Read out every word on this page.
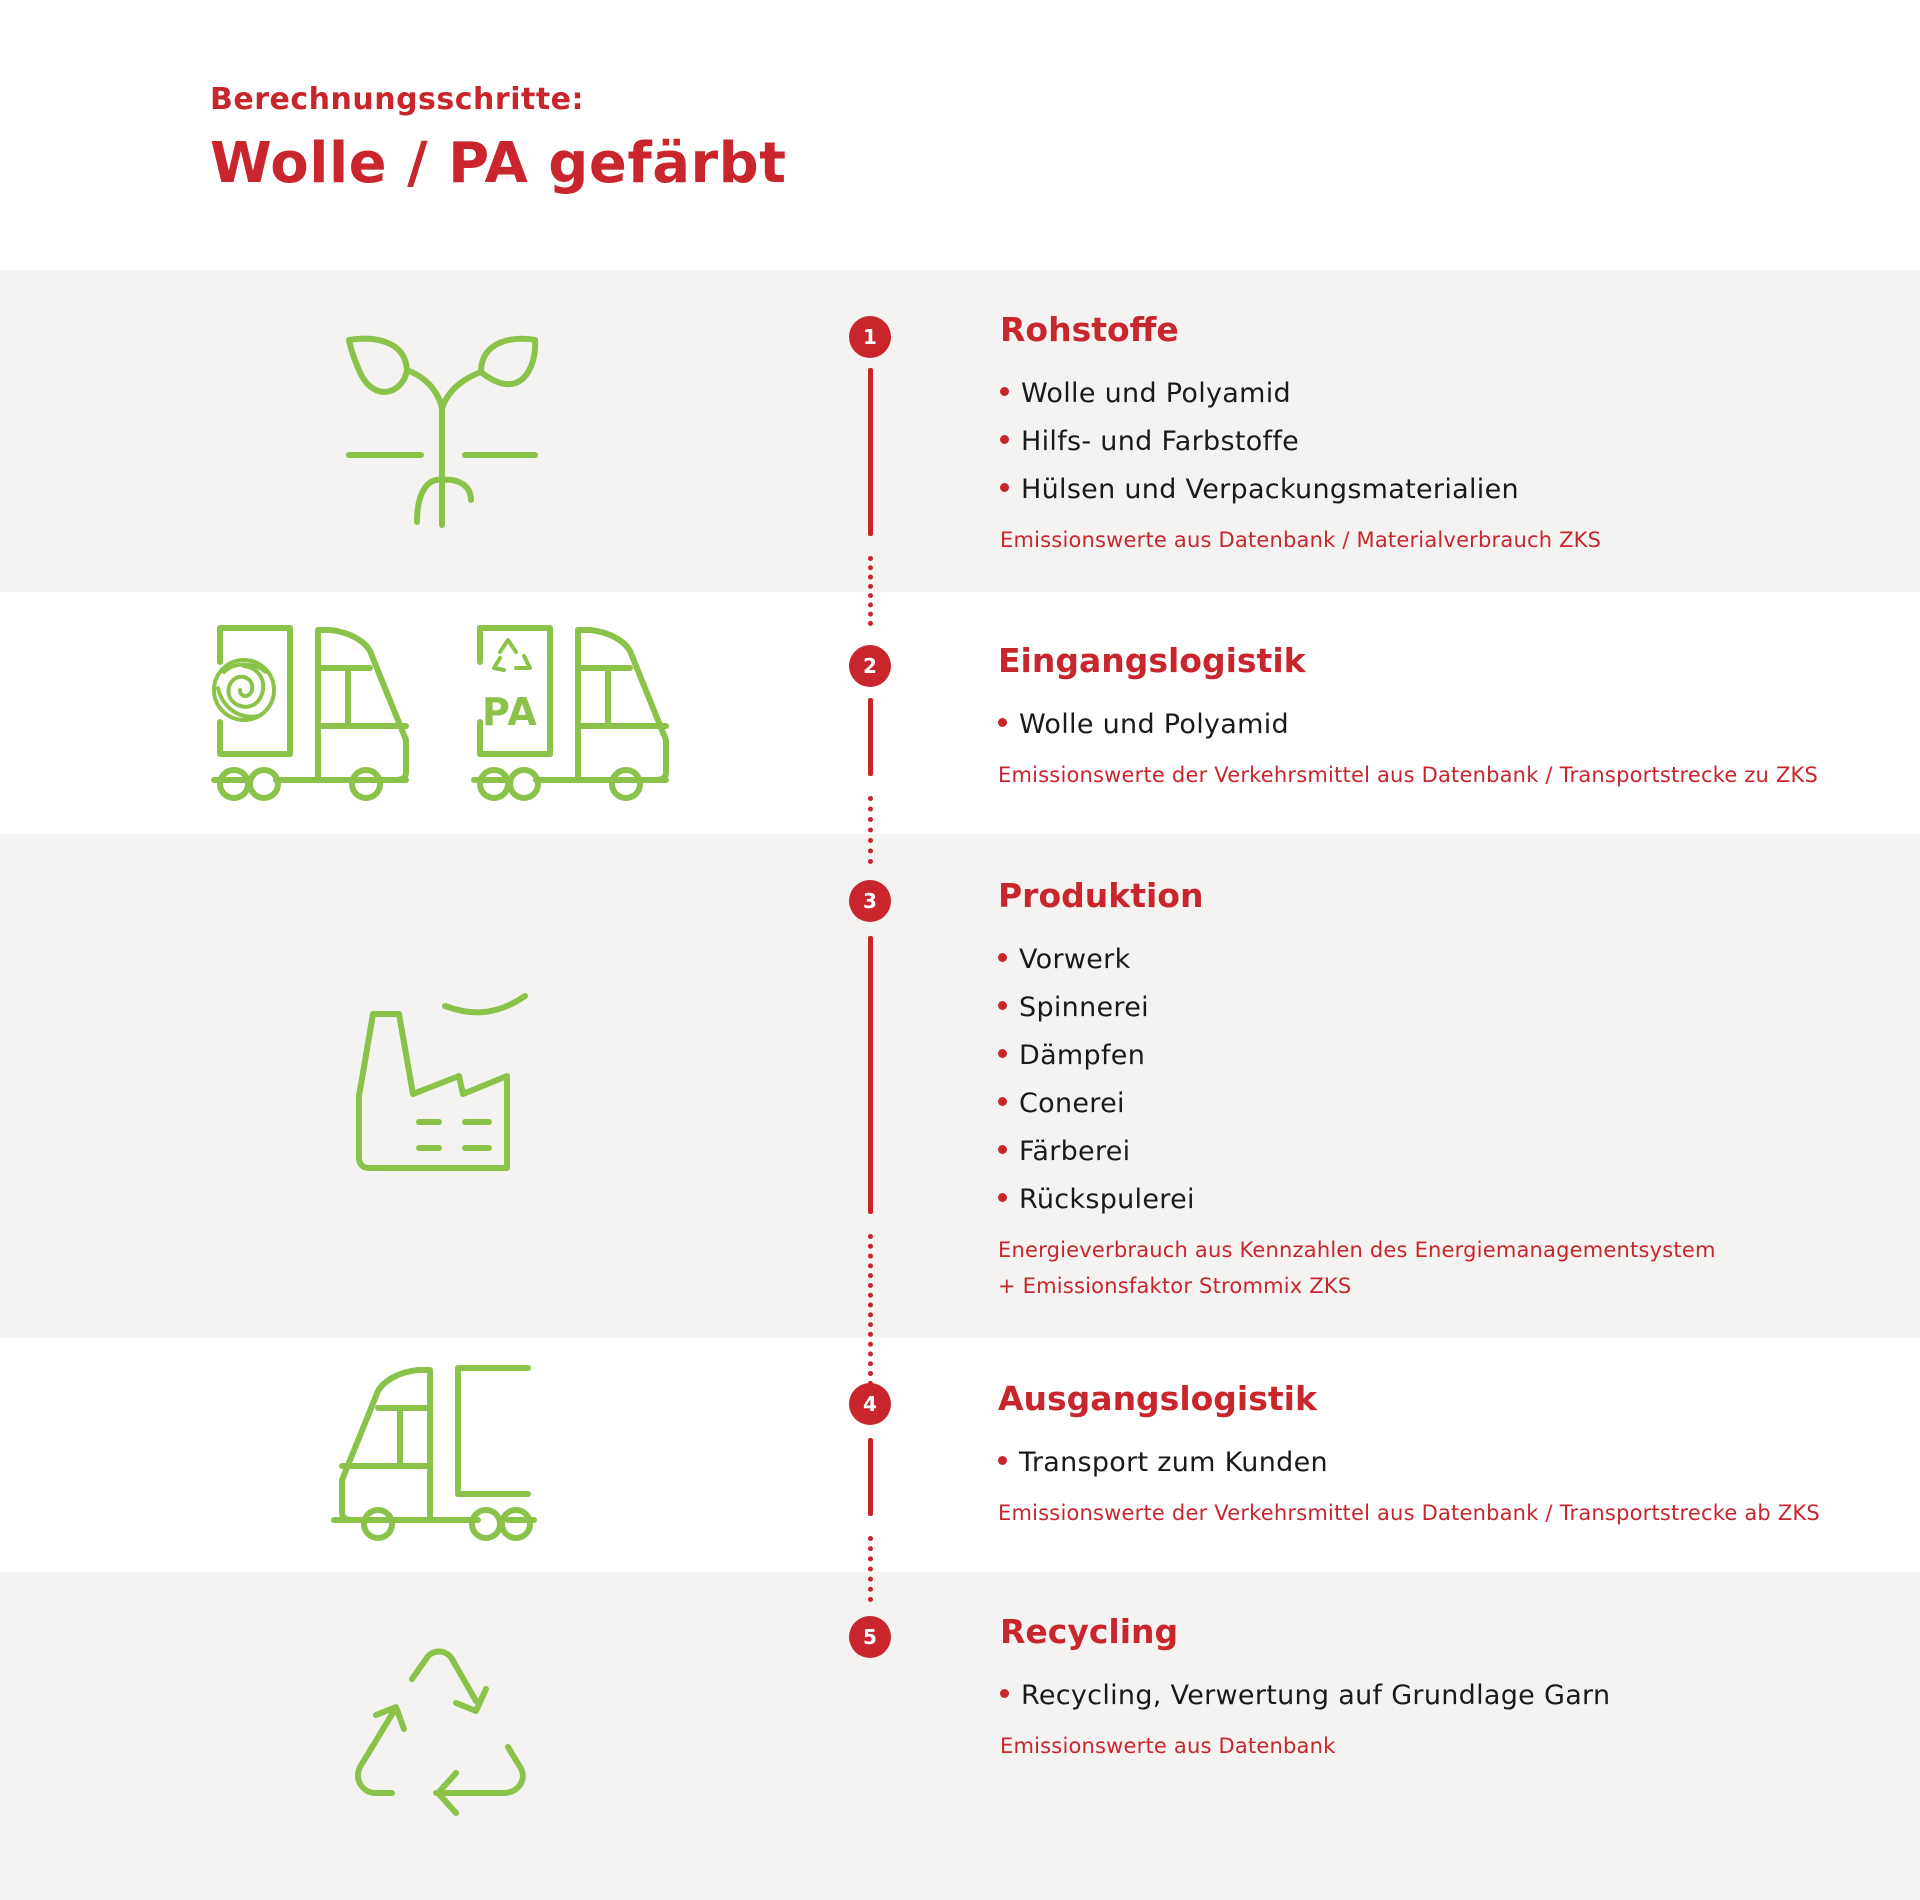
Berechnungsschritte:
Wolle / PA gefärbt
1	Rohstoffe
Wolle und Polyamid
Hilfs- und Farbstoffe
Hülsen und Verpackungsmaterialien
Emissionswerte aus Datenbank / Materialverbrauch ZKS
PA
2	Eingangslogistik
Wolle und Polyamid
Emissionswerte der Verkehrsmittel aus Datenbank / Transportstrecke zu ZKS
3	Produktion
Vorwerk
Spinnerei
Dämpfen
Conerei
Färberei
Rückspulerei
Energieverbrauch aus Kennzahlen des Energiemanagementsystem
+ Emissionsfaktor Strommix ZKS
4	Ausgangslogistik
Transport zum Kunden
Emissionswerte der Verkehrsmittel aus Datenbank / Transportstrecke ab ZKS
5	Recycling
Recycling, Verwertung auf Grundlage Garn
Emissionswerte aus Datenbank
